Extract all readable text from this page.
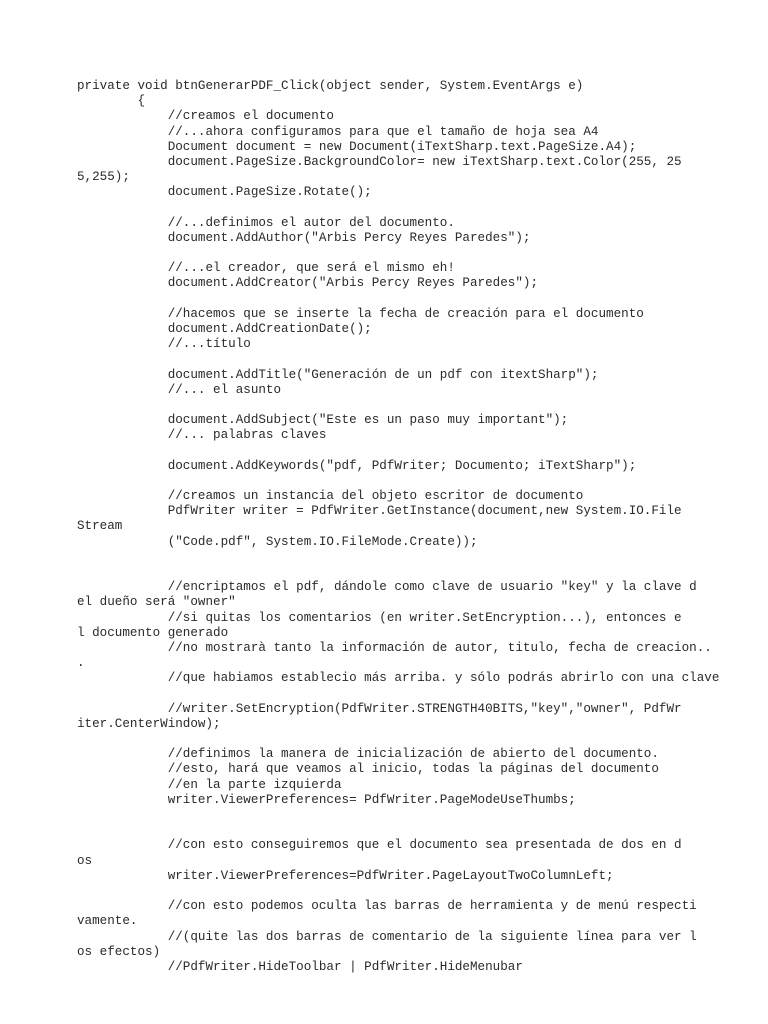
private void btnGenerarPDF_Click(object sender, System.EventArgs e)
{
//creamos el documento
//...ahora configuramos para que el tamaño de hoja sea A4
Document document = new Document(iTextSharp.text.PageSize.A4);
document.PageSize.BackgroundColor= new iTextSharp.text.Color(255, 25
5,255);
document.PageSize.Rotate();
//...definimos el autor del documento.
document.AddAuthor("Arbis Percy Reyes Paredes");
//...el creador, que será el mismo eh!
document.AddCreator("Arbis Percy Reyes Paredes");
//hacemos que se inserte la fecha de creación para el documento
document.AddCreationDate();
//...título
document.AddTitle("Generación de un pdf con itextSharp");
//... el asunto
document.AddSubject("Este es un paso muy important");
//... palabras claves
document.AddKeywords("pdf, PdfWriter; Documento; iTextSharp");
//creamos un instancia del objeto escritor de documento
PdfWriter writer = PdfWriter.GetInstance(document,new System.IO.File
Stream
("Code.pdf", System.IO.FileMode.Create));
//encriptamos el pdf, dándole como clave de usuario "key" y la clave d
el dueño será "owner"
//si quitas los comentarios (en writer.SetEncryption...), entonces e
l documento generado
//no mostrarà tanto la información de autor, titulo, fecha de creacion..
.
//que habiamos establecio más arriba. y sólo podrás abrirlo con una clave
//writer.SetEncryption(PdfWriter.STRENGTH40BITS,"key","owner", PdfWr
iter.CenterWindow);
//definimos la manera de inicialización de abierto del documento.
//esto, hará que veamos al inicio, todas la páginas del documento
//en la parte izquierda
writer.ViewerPreferences= PdfWriter.PageModeUseThumbs;
//con esto conseguiremos que el documento sea presentada de dos en d
os
writer.ViewerPreferences=PdfWriter.PageLayoutTwoColumnLeft;
//con esto podemos oculta las barras de herramienta y de menú respecti
vamente.
//(quite las dos barras de comentario de la siguiente línea para ver l
os efectos)
//PdfWriter.HideToolbar | PdfWriter.HideMenubar
